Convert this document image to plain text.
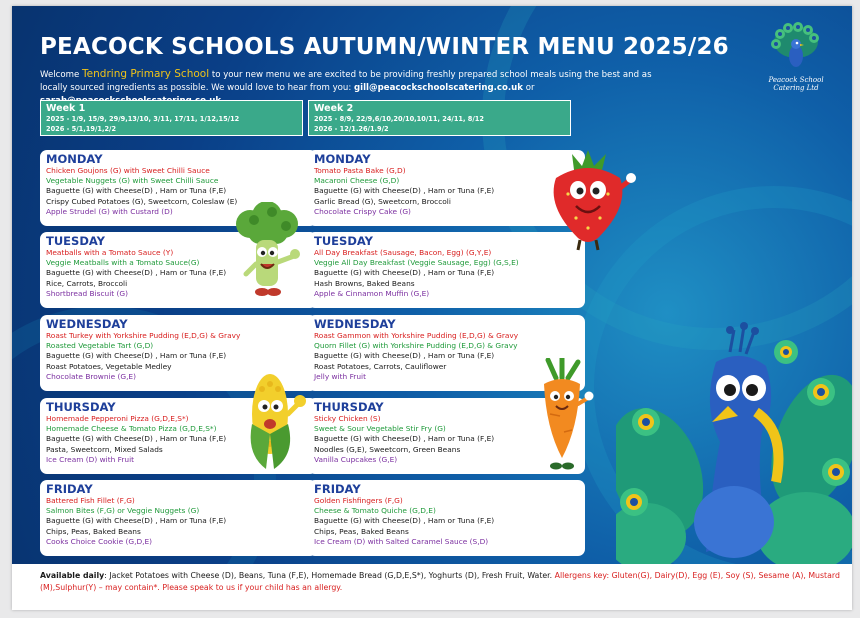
PEACOCK SCHOOLS AUTUMN/WINTER MENU 2025/26
Welcome Tendring Primary School to your new menu we are excited to be providing freshly prepared school meals using the best and as locally sourced ingredients as possible. We would love to hear from you: gill@peacockschoolscatering.co.uk or
Peacock School
Catering Ltd
Week 1
2025 - 1/9, 15/9, 29/9,13/10, 3/11, 17/11, 1/12,15/12
2026 - 5/1,19/1,2/2
Week 2
2025 - 8/9, 22/9,6/10,20/10,10/11, 24/11, 8/12
2026 - 12/1.26/1.9/2
MONDAY
Chicken Goujons (G) with Sweet Chilli Sauce
Vegetable Nuggets (G) with Sweet Chilli Sauce
Baguette (G) with Cheese(D) , Ham or Tuna (F,E)
Crispy Cubed Potatoes (G), Sweetcorn, Coleslaw (E)
Apple Strudel (G) with Custard (D)
TUESDAY
Meatballs with a Tomato Sauce (Y)
Veggie Meatballs with a Tomato Sauce(G)
Baguette (G) with Cheese(D) , Ham or Tuna (F,E)
Rice, Carrots, Broccoli
Shortbread Biscuit (G)
WEDNESDAY
Roast Turkey with Yorkshire Pudding (E,D,G) & Gravy
Roasted Vegetable Tart (G,D)
Baguette (G) with Cheese(D) , Ham or Tuna (F,E)
Roast Potatoes, Vegetable Medley
Chocolate Brownie (G,E)
THURSDAY
Homemade Pepperoni Pizza (G,D,E,S*)
Homemade Cheese & Tomato Pizza (G,D,E,S*)
Baguette (G) with Cheese(D) , Ham or Tuna (F,E)
Pasta, Sweetcorn, Mixed Salads
Ice Cream (D) with Fruit
FRIDAY
Battered Fish Fillet (F,G)
Salmon Bites (F,G) or Veggie Nuggets (G)
Baguette (G) with Cheese(D) , Ham or Tuna (F,E)
Chips, Peas, Baked Beans
Cooks Choice Cookie (G,D,E)
MONDAY
Tomato Pasta Bake (G,D)
Macaroni Cheese (G,D)
Baguette (G) with Cheese(D) , Ham or Tuna (F,E)
Garlic Bread (G), Sweetcorn, Broccoli
Chocolate Crispy Cake (G)
TUESDAY
All Day Breakfast (Sausage, Bacon, Egg) (G,Y,E)
Veggie All Day Breakfast (Veggie Sausage, Egg) (G,S,E)
Baguette (G) with Cheese(D) , Ham or Tuna (F,E)
Hash Browns, Baked Beans
Apple & Cinnamon Muffin (G,E)
WEDNESDAY
Roast Gammon with Yorkshire Pudding (E,D,G) & Gravy
Quorn Fillet (G) with Yorkshire Pudding (E,D,G) & Gravy
Baguette (G) with Cheese(D) , Ham or Tuna (F,E)
Roast Potatoes, Carrots, Cauliflower
Jelly with Fruit
THURSDAY
Sticky Chicken (S)
Sweet & Sour Vegetable Stir Fry (G)
Baguette (G) with Cheese(D) , Ham or Tuna (F,E)
Noodles (G,E), Sweetcorn, Green Beans
Vanilla Cupcakes (G,E)
FRIDAY
Golden Fishfingers (F,G)
Cheese & Tomato Quiche (G,D,E)
Baguette (G) with Cheese(D) , Ham or Tuna (F,E)
Chips, Peas, Baked Beans
Ice Cream (D) with Salted Caramel Sauce (S,D)
Available daily: Jacket Potatoes with Cheese (D), Beans, Tuna (F,E), Homemade Bread (G,D,E,S*), Yoghurts (D), Fresh Fruit, Water. Allergens key: Gluten(G), Dairy(D), Egg (E), Soy (S), Sesame (A), Mustard (M),Sulphur(Y) – may contain*. Please speak to us if your child has an allergy.
